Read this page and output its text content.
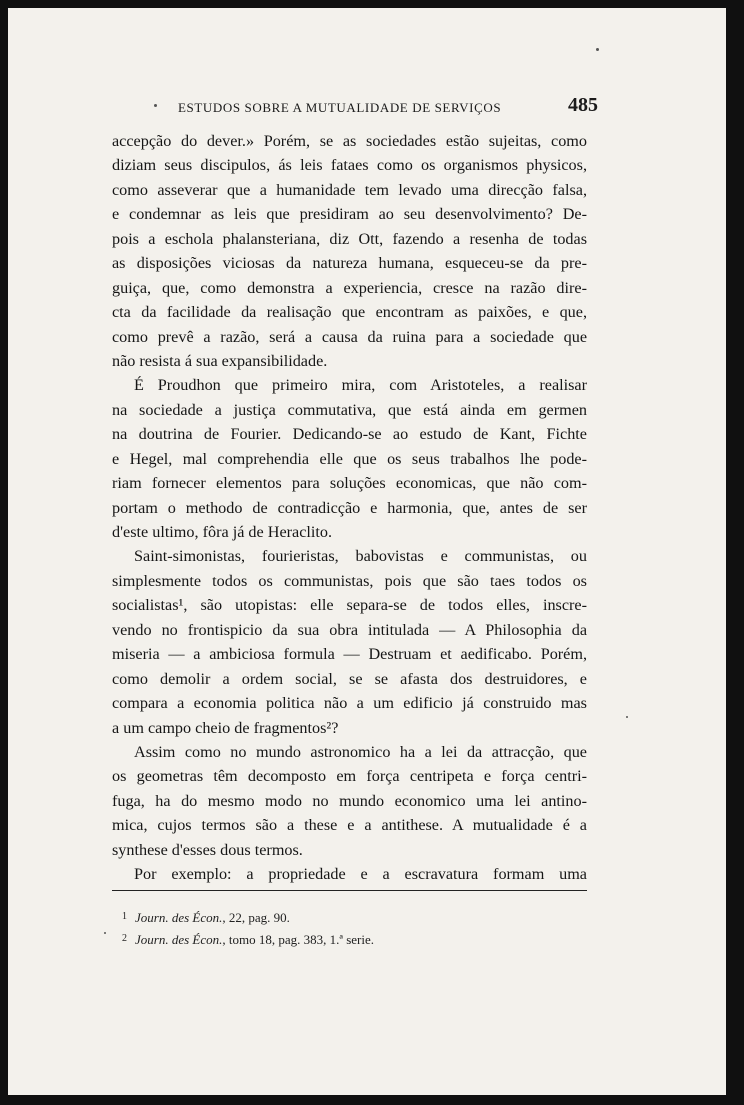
ESTUDOS SOBRE A MUTUALIDADE DE SERVIÇOS	485
accepção do dever.» Porém, se as sociedades estão sujeitas, como
diziam seus discipulos, ás leis fataes como os organismos physicos,
como asseverar que a humanidade tem levado uma direcção falsa,
e condemnar as leis que presidiram ao seu desenvolvimento? De-
pois a eschola phalansteriana, diz Ott, fazendo a resenha de todas
as disposições viciosas da natureza humana, esqueceu-se da pre-
guiça, que, como demonstra a experiencia, cresce na razão dire-
cta da facilidade da realisação que encontram as paixões, e que,
como prevê a razão, será a causa da ruina para a sociedade que
não resista á sua expansibilidade.
É Proudhon que primeiro mira, com Aristoteles, a realisar
na sociedade a justiça commutativa, que está ainda em germen
na doutrina de Fourier. Dedicando-se ao estudo de Kant, Fichte
e Hegel, mal comprehendia elle que os seus trabalhos lhe pode-
riam fornecer elementos para soluções economicas, que não com-
portam o methodo de contradicção e harmonia, que, antes de ser
d'este ultimo, fôra já de Heraclito.
Saint-simonistas, fourieristas, babovistas e communistas, ou
simplesmente todos os communistas, pois que são taes todos os
socialistas¹, são utopistas: elle separa-se de todos elles, inscre-
vendo no frontispicio da sua obra intitulada — A Philosophia da
miseria — a ambiciosa formula — Destruam et aedificabo. Porém,
como demolir a ordem social, se se afasta dos destruidores, e
compara a economia politica não a um edificio já construido mas
a um campo cheio de fragmentos²?
Assim como no mundo astronomico ha a lei da attracção, que
os geometras têm decomposto em força centripeta e força centri-
fuga, ha do mesmo modo no mundo economico uma lei antino-
mica, cujos termos são a these e a antithese. A mutualidade é a
synthese d'esses dous termos.
Por exemplo: a propriedade e a escravatura formam uma
$^1$ Journ. des Écon., 22, pag. 90.
$^2$ Journ. des Écon., tomo 18, pag. 383, 1.ª serie.
